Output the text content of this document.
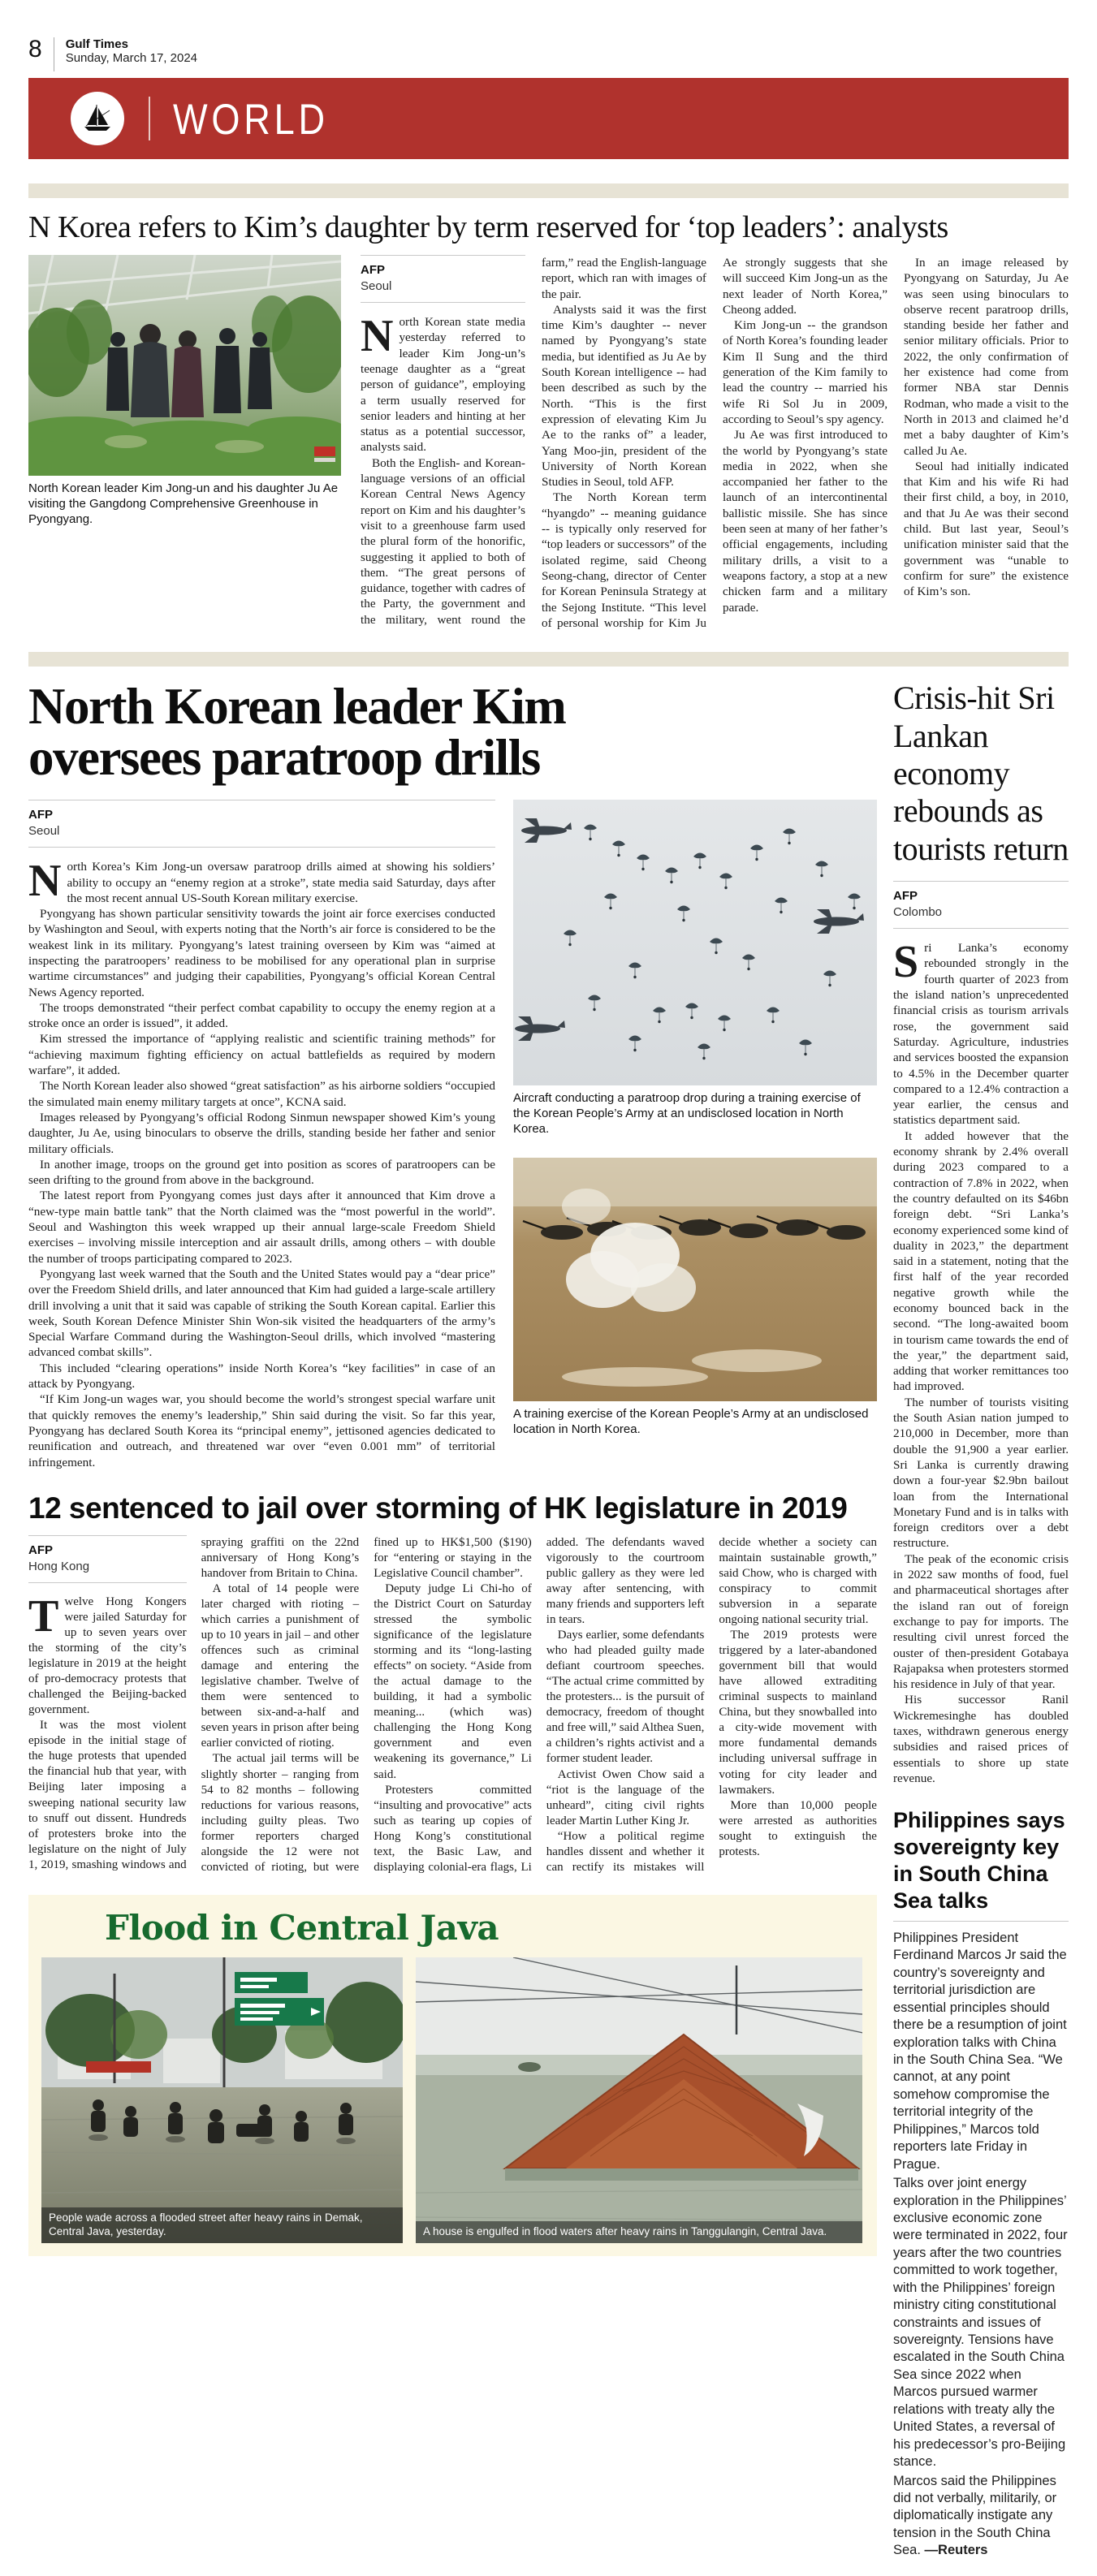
8 Gulf Times
Sunday, March 17, 2024
WORLD
N Korea refers to Kim’s daughter by term reserved for ‘top leaders’: analysts
North Korean leader Kim Jong-un and his daughter Ju Ae visiting the Gangdong Comprehensive Greenhouse in Pyongyang.
AFP
Seoul

North Korean state media yesterday referred to leader Kim Jong-un’s teenage daughter as a “great person of guidance”, employing a term usually reserved for senior leaders and hinting at her status as a potential successor, analysts said.

Both the English- and Korean-language versions of an official Korean Central News Agency report on Kim and his daughter’s visit to a greenhouse farm used the plural form of the honorific, suggesting it applied to both of them. “The great persons of guidance, together with cadres of the Party, the government and the military, went round the farm,” read the English-language report, which ran with images of the pair.

Analysts said it was the first time Kim’s daughter -- never named by Pyongyang’s state media, but identified as Ju Ae by South Korean intelligence -- had been described as such by the North. “This is the first expression of elevating Kim Ju Ae to the ranks of” a leader, Yang Moo-jin, president of the University of North Korean Studies in Seoul, told AFP.

The North Korean term “hyangdo” -- meaning guidance -- is typically only reserved for “top leaders or successors” of the isolated regime, said Cheong Seong-chang, director of Center for Korean Peninsula Strategy at the Sejong Institute. “This level of personal worship for Kim Ju Ae strongly suggests that she will succeed Kim Jong-un as the next leader of North Korea,” Cheong added.

Kim Jong-un -- the grandson of North Korea’s founding leader Kim Il Sung and the third generation of the Kim family to lead the country -- married his wife Ri Sol Ju in 2009, according to Seoul’s spy agency.

Ju Ae was first introduced to the world by Pyongyang’s state media in 2022, when she accompanied her father to the launch of an intercontinental ballistic missile. She has since been seen at many of her father’s official engagements, including military drills, a visit to a weapons factory, a stop at a new chicken farm and a military parade.

In an image released by Pyongyang on Saturday, Ju Ae was seen using binoculars to observe recent paratroop drills, standing beside her father and senior military officials. Prior to 2022, the only confirmation of her existence had come from former NBA star Dennis Rodman, who made a visit to the North in 2013 and claimed he’d met a baby daughter of Kim’s called Ju Ae.

Seoul had initially indicated that Kim and his wife Ri had their first child, a boy, in 2010, and that Ju Ae was their second child. But last year, Seoul’s unification minister said that the government was “unable to confirm for sure” the existence of Kim’s son.

North Korean leader Kim oversees paratroop drills
AFP
Seoul

North Korea’s Kim Jong-un oversaw paratroop drills aimed at showing his soldiers’ ability to occupy an “enemy region at a stroke”, state media said Saturday, days after the most recent annual US-South Korean military exercise.

Pyongyang has shown particular sensitivity towards the joint air force exercises conducted by Washington and Seoul, with experts noting that the North’s air force is considered to be the weakest link in its military. Pyongyang’s latest training overseen by Kim was “aimed at inspecting the paratroopers’ readiness to be mobilised for any operational plan in surprise wartime circumstances” and judging their capabilities, Pyongyang’s official Korean Central News Agency reported.

The troops demonstrated “their perfect combat capability to occupy the enemy region at a stroke once an order is issued”, it added.

Kim stressed the importance of “applying realistic and scientific training methods” for “achieving maximum fighting efficiency on actual battlefields as required by modern warfare”, it added.

The North Korean leader also showed “great satisfaction” as his airborne soldiers “occupied the simulated main enemy military targets at once”, KCNA said.

Images released by Pyongyang’s official Rodong Sinmun newspaper showed Kim’s young daughter, Ju Ae, using binoculars to observe the drills, standing beside her father and senior military officials.

In another image, troops on the ground get into position as scores of paratroopers can be seen drifting to the ground from above in the background.

The latest report from Pyongyang comes just days after it announced that Kim drove a “new-type main battle tank” that the North claimed was the “most powerful in the world”. Seoul and Washington this week wrapped up their annual large-scale Freedom Shield exercises – involving missile interception and air assault drills, among others – with double the number of troops participating compared to 2023.

Pyongyang last week warned that the South and the United States would pay a “dear price” over the Freedom Shield drills, and later announced that Kim had guided a large-scale artillery drill involving a unit that it said was capable of striking the South Korean capital. Earlier this week, South Korean Defence Minister Shin Won-sik visited the headquarters of the army’s Special Warfare Command during the Washington-Seoul drills, which involved “mastering advanced combat skills”.

This included “clearing operations” inside North Korea’s “key facilities” in case of an attack by Pyongyang.

“If Kim Jong-un wages war, you should become the world’s strongest special warfare unit that quickly removes the enemy’s leadership,” Shin said during the visit. So far this year, Pyongyang has declared South Korea its “principal enemy”, jettisoned agencies dedicated to reunification and outreach, and threatened war over “even 0.001 mm” of territorial infringement.

Aircraft conducting a paratroop drop during a training exercise of the Korean People’s Army at an undisclosed location in North Korea.
A training exercise of the Korean People’s Army at an undisclosed location in North Korea.
12 sentenced to jail over storming of HK legislature in 2019
AFP
Hong Kong

Twelve Hong Kongers were jailed Saturday for up to seven years over the storming of the city’s legislature in 2019 at the height of pro-democracy protests that challenged the Beijing-backed government.

It was the most violent episode in the initial stage of the huge protests that upended the financial hub that year, with Beijing later imposing a sweeping national security law to snuff out dissent. Hundreds of protesters broke into the legislature on the night of July 1, 2019, smashing windows and spraying graffiti on the 22nd anniversary of Hong Kong’s handover from Britain to China.

A total of 14 people were later charged with rioting – which carries a punishment of up to 10 years in jail – and other offences such as criminal damage and entering the legislative chamber. Twelve of them were sentenced to between six-and-a-half and seven years in prison after being earlier convicted of rioting.

The actual jail terms will be slightly shorter – ranging from 54 to 82 months – following reductions for various reasons, including guilty pleas. Two former reporters charged alongside the 12 were not convicted of rioting, but were fined up to HK$1,500 ($190) for “entering or staying in the Legislative Council chamber”.

Deputy judge Li Chi-ho of the District Court on Saturday stressed the symbolic significance of the legislature storming and its “long-lasting effects” on society. “Aside from the actual damage to the building, it had a symbolic meaning... (which was) challenging the Hong Kong government and even weakening its governance,” Li said.

Protesters committed “insulting and provocative” acts such as tearing up copies of Hong Kong’s constitutional text, the Basic Law, and displaying colonial-era flags, Li added. The defendants waved vigorously to the courtroom public gallery as they were led away after sentencing, with many friends and supporters left in tears.

Days earlier, some defendants who had pleaded guilty made defiant courtroom speeches. “The actual crime committed by the protesters... is the pursuit of democracy, freedom of thought and free will,” said Althea Suen, a children’s rights activist and a former student leader.

Activist Owen Chow said a “riot is the language of the unheard”, citing civil rights leader Martin Luther King Jr.

“How a political regime handles dissent and whether it can rectify its mistakes will decide whether a society can maintain sustainable growth,” said Chow, who is charged with conspiracy to commit subversion in a separate ongoing national security trial.

The 2019 protests were triggered by a later-abandoned government bill that would have allowed extraditing criminal suspects to mainland China, but they snowballed into a city-wide movement with more fundamental demands including universal suffrage in voting for city leader and lawmakers.

More than 10,000 people were arrested as authorities sought to extinguish the protests.

Flood in Central Java
People wade across a flooded street after heavy rains in Demak, Central Java, yesterday.	A house is engulfed in flood waters after heavy rains in Tanggulangin, Central Java.
Crisis-hit Sri Lankan economy rebounds as tourists return
AFP
Colombo

Sri Lanka’s economy rebounded strongly in the fourth quarter of 2023 from the island nation’s unprecedented financial crisis as tourism arrivals rose, the government said Saturday. Agriculture, industries and services boosted the expansion to 4.5% in the December quarter compared to a 12.4% contraction a year earlier, the census and statistics department said.

It added however that the economy shrank by 2.4% overall during 2023 compared to a contraction of 7.8% in 2022, when the country defaulted on its $46bn foreign debt. “Sri Lanka’s economy experienced some kind of duality in 2023,” the department said in a statement, noting that the first half of the year recorded negative growth while the economy bounced back in the second. “The long-awaited boom in tourism came towards the end of the year,” the department said, adding that worker remittances too had improved.

The number of tourists visiting the South Asian nation jumped to 210,000 in December, more than double the 91,900 a year earlier. Sri Lanka is currently drawing down a four-year $2.9bn bailout loan from the International Monetary Fund and is in talks with foreign creditors over a debt restructure.

The peak of the economic crisis in 2022 saw months of food, fuel and pharmaceutical shortages after the island ran out of foreign exchange to pay for imports. The resulting civil unrest forced the ouster of then-president Gotabaya Rajapaksa when protesters stormed his residence in July of that year.

His successor Ranil Wickremesinghe has doubled taxes, withdrawn generous energy subsidies and raised prices of essentials to shore up state revenue.

Philippines says sovereignty key in South China Sea talks

Philippines President Ferdinand Marcos Jr said the country’s sovereignty and territorial jurisdiction are essential principles should there be a resumption of joint exploration talks with China in the South China Sea. “We cannot, at any point somehow compromise the territorial integrity of the Philippines,” Marcos told reporters late Friday in Prague.

Talks over joint energy exploration in the Philippines’ exclusive economic zone were terminated in 2022, four years after the two countries committed to work together, with the Philippines’ foreign ministry citing constitutional constraints and issues of sovereignty. Tensions have escalated in the South China Sea since 2022 when Marcos pursued warmer relations with treaty ally the United States, a reversal of his predecessor’s pro-Beijing stance.

Marcos said the Philippines did not verbally, militarily, or diplomatically instigate any tension in the South China Sea. —Reuters
